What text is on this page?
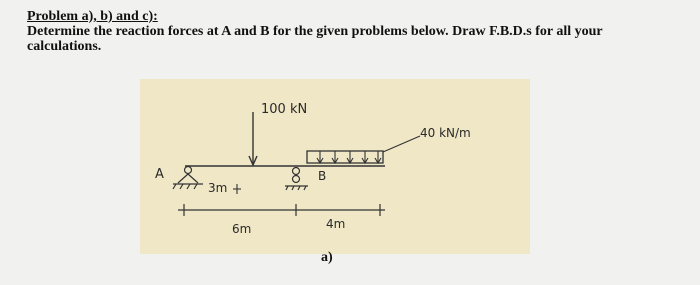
Problem a), b) and c):
Determine the reaction forces at A and B for the given problems below. Draw F.B.D.s for all your calculations.
100 kN
40 kN/m
A
3m
B
6m	4m
a)
